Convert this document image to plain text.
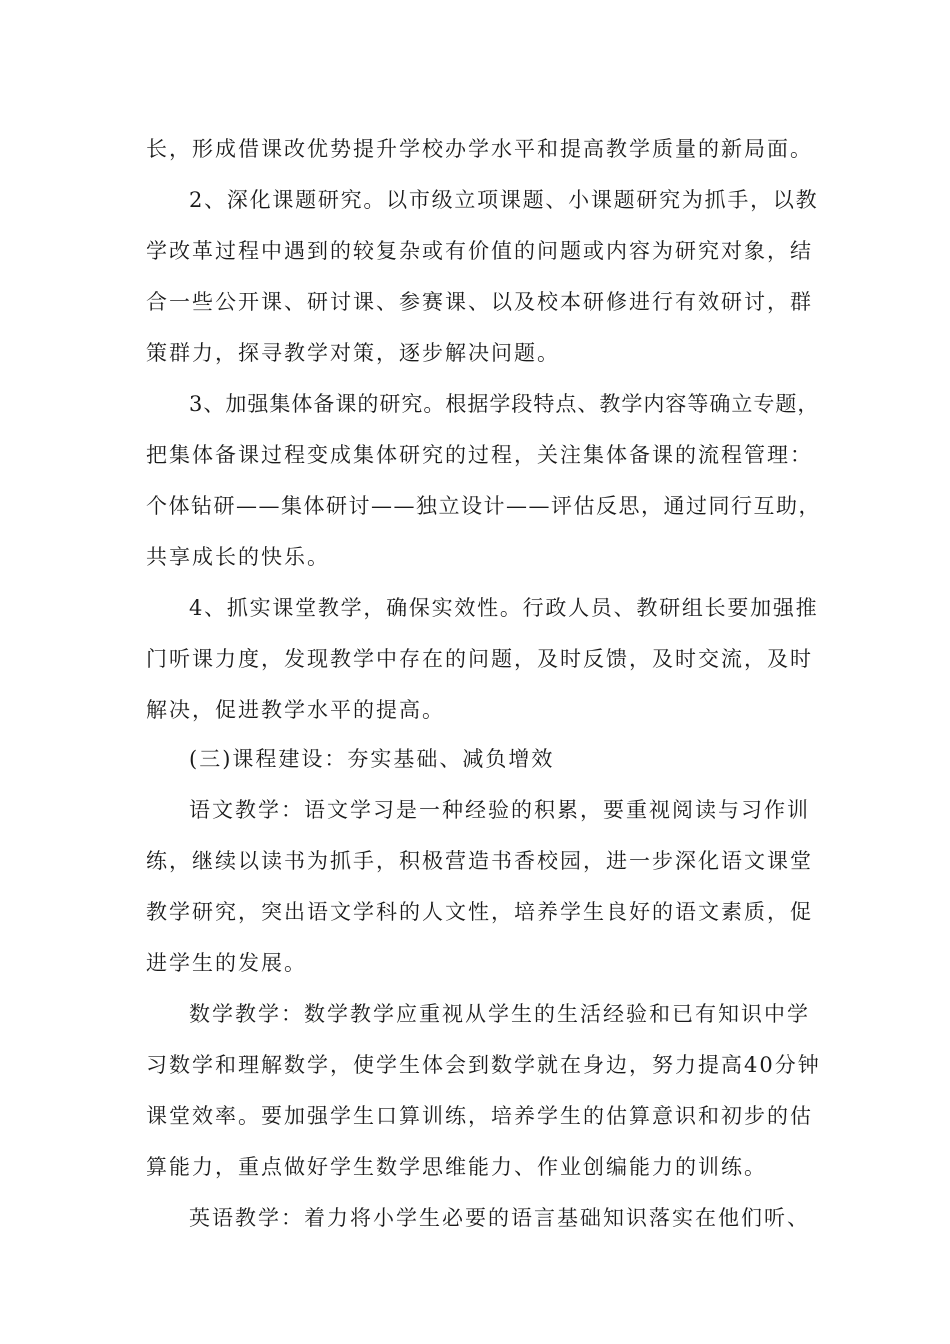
长，形成借课改优势提升学校办学水平和提高教学质量的新局面。
2、深化课题研究。以市级立项课题、小课题研究为抓手，以教
学改革过程中遇到的较复杂或有价值的问题或内容为研究对象，结
合一些公开课、研讨课、参赛课、以及校本研修进行有效研讨，群
策群力，探寻教学对策，逐步解决问题。
3、加强集体备课的研究。根据学段特点、教学内容等确立专题，
把集体备课过程变成集体研究的过程，关注集体备课的流程管理：
个体钻研——集体研讨——独立设计——评估反思，通过同行互助，
共享成长的快乐。
4、抓实课堂教学，确保实效性。行政人员、教研组长要加强推
门听课力度，发现教学中存在的问题，及时反馈，及时交流，及时
解决，促进教学水平的提高。
(三)课程建设：夯实基础、减负增效
语文教学：语文学习是一种经验的积累，要重视阅读与习作训
练，继续以读书为抓手，积极营造书香校园，进一步深化语文课堂
教学研究，突出语文学科的人文性，培养学生良好的语文素质，促
进学生的发展。
数学教学：数学教学应重视从学生的生活经验和已有知识中学
习数学和理解数学，使学生体会到数学就在身边，努力提高40分钟
课堂效率。要加强学生口算训练，培养学生的估算意识和初步的估
算能力，重点做好学生数学思维能力、作业创编能力的训练。
英语教学：着力将小学生必要的语言基础知识落实在他们听、
